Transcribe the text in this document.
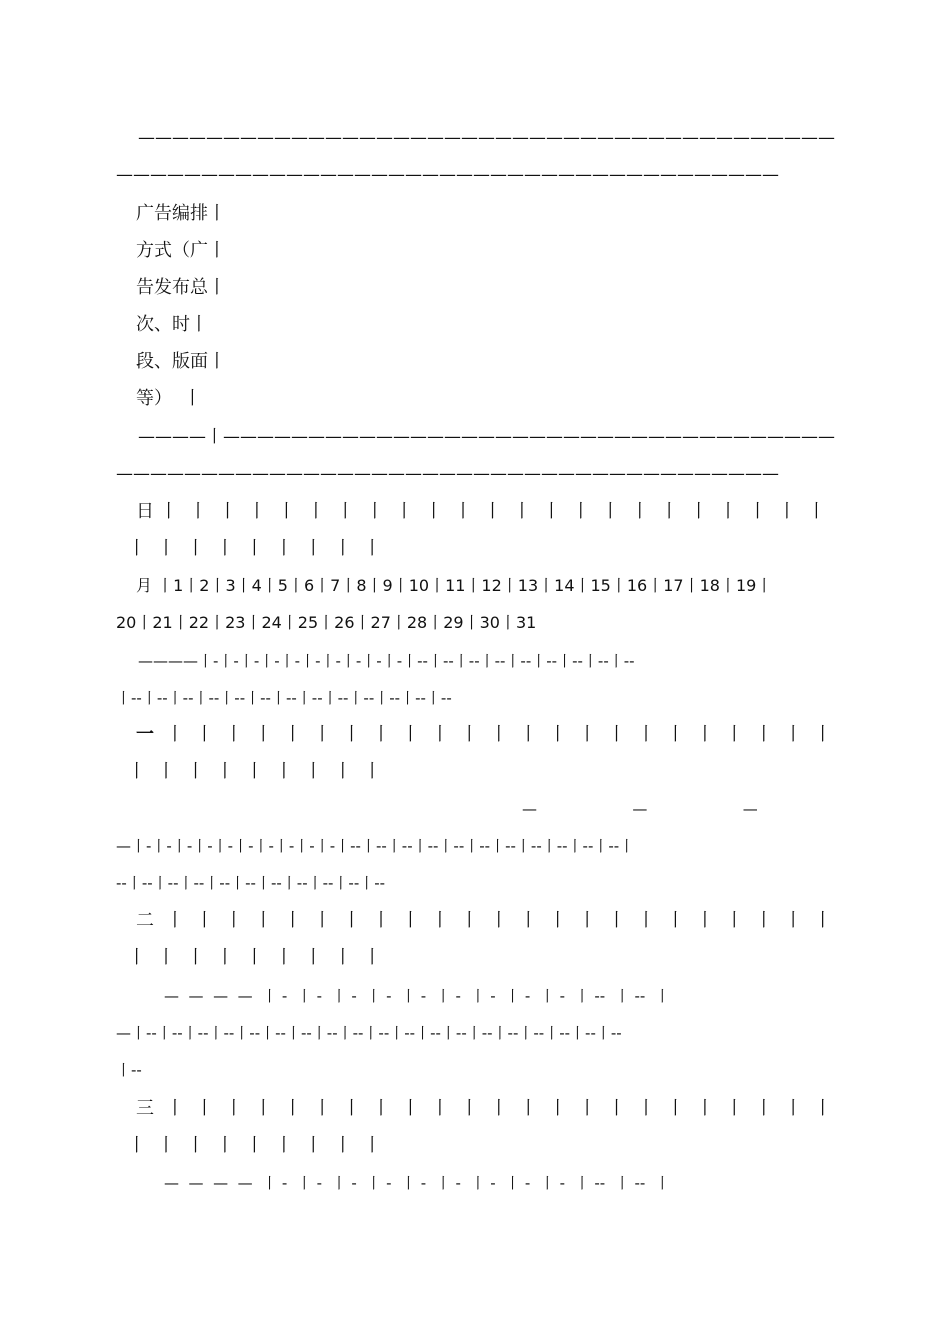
—————————————————————————————————————————
———————————————————————————————————————
广告编排丨
方式（广丨
告发布总丨
次、时丨
段、版面丨
等）  丨
————丨————————————————————————————————————
———————————————————————————————————————
日 丨  丨  丨  丨  丨  丨  丨  丨  丨  丨  丨  丨  丨  丨  丨  丨  丨  丨  丨  丨  丨  丨  丨
丨  丨  丨  丨  丨  丨  丨  丨  丨
月 丨1丨2丨3丨4丨5丨6丨7丨8丨9丨10丨11丨12丨13丨14丨15丨16丨17丨18丨19丨
20丨21丨22丨23丨24丨25丨26丨27丨28丨29丨30丨31
————丨-丨-丨-丨-丨-丨-丨-丨-丨-丨-丨--丨--丨--丨--丨--丨--丨--丨--丨--
丨--丨--丨--丨--丨--丨--丨--丨--丨--丨--丨--丨--丨--
一 丨  丨  丨  丨  丨  丨  丨  丨  丨  丨  丨  丨  丨  丨  丨  丨  丨  丨  丨  丨  丨  丨  丨
丨  丨  丨  丨  丨  丨  丨  丨  丨
—                    —                    —
—丨-丨-丨-丨-丨-丨-丨-丨-丨-丨-丨--丨--丨--丨--丨--丨--丨--丨--丨--丨--丨--丨
--丨--丨--丨--丨--丨--丨--丨--丨--丨--丨--
二 丨  丨  丨  丨  丨  丨  丨  丨  丨  丨  丨  丨  丨  丨  丨  丨  丨  丨  丨  丨  丨  丨  丨
丨  丨  丨  丨  丨  丨  丨  丨  丨
—  —  —  —  丨 -  丨 -  丨 -  丨 -  丨 -  丨 -  丨 -  丨 -  丨 -  丨 --  丨 --  丨
—丨--丨--丨--丨--丨--丨--丨--丨--丨--丨--丨--丨--丨--丨--丨--丨--丨--丨--丨--
丨--
三 丨  丨  丨  丨  丨  丨  丨  丨  丨  丨  丨  丨  丨  丨  丨  丨  丨  丨  丨  丨  丨  丨  丨
丨  丨  丨  丨  丨  丨  丨  丨  丨
—  —  —  —  丨 -  丨 -  丨 -  丨 -  丨 -  丨 -  丨 -  丨 -  丨 -  丨 --  丨 --  丨
